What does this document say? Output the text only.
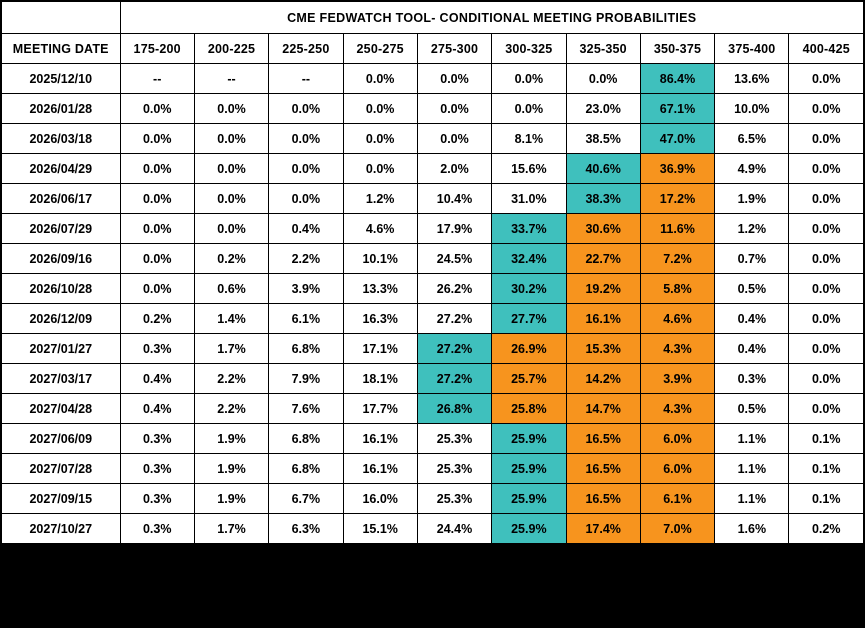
	CME FEDWATCH TOOL- CONDITIONAL MEETING PROBABILITIES									
MEETING DATE	175-200	200-225	225-250	250-275	275-300	300-325	325-350	350-375	375-400	400-425
2025/12/10	--	--	--	0.0%	0.0%	0.0%	0.0%	86.4%	13.6%	0.0%
2026/01/28	0.0%	0.0%	0.0%	0.0%	0.0%	0.0%	23.0%	67.1%	10.0%	0.0%
2026/03/18	0.0%	0.0%	0.0%	0.0%	0.0%	8.1%	38.5%	47.0%	6.5%	0.0%
2026/04/29	0.0%	0.0%	0.0%	0.0%	2.0%	15.6%	40.6%	36.9%	4.9%	0.0%
2026/06/17	0.0%	0.0%	0.0%	1.2%	10.4%	31.0%	38.3%	17.2%	1.9%	0.0%
2026/07/29	0.0%	0.0%	0.4%	4.6%	17.9%	33.7%	30.6%	11.6%	1.2%	0.0%
2026/09/16	0.0%	0.2%	2.2%	10.1%	24.5%	32.4%	22.7%	7.2%	0.7%	0.0%
2026/10/28	0.0%	0.6%	3.9%	13.3%	26.2%	30.2%	19.2%	5.8%	0.5%	0.0%
2026/12/09	0.2%	1.4%	6.1%	16.3%	27.2%	27.7%	16.1%	4.6%	0.4%	0.0%
2027/01/27	0.3%	1.7%	6.8%	17.1%	27.2%	26.9%	15.3%	4.3%	0.4%	0.0%
2027/03/17	0.4%	2.2%	7.9%	18.1%	27.2%	25.7%	14.2%	3.9%	0.3%	0.0%
2027/04/28	0.4%	2.2%	7.6%	17.7%	26.8%	25.8%	14.7%	4.3%	0.5%	0.0%
2027/06/09	0.3%	1.9%	6.8%	16.1%	25.3%	25.9%	16.5%	6.0%	1.1%	0.1%
2027/07/28	0.3%	1.9%	6.8%	16.1%	25.3%	25.9%	16.5%	6.0%	1.1%	0.1%
2027/09/15	0.3%	1.9%	6.7%	16.0%	25.3%	25.9%	16.5%	6.1%	1.1%	0.1%
2027/10/27	0.3%	1.7%	6.3%	15.1%	24.4%	25.9%	17.4%	7.0%	1.6%	0.2%
